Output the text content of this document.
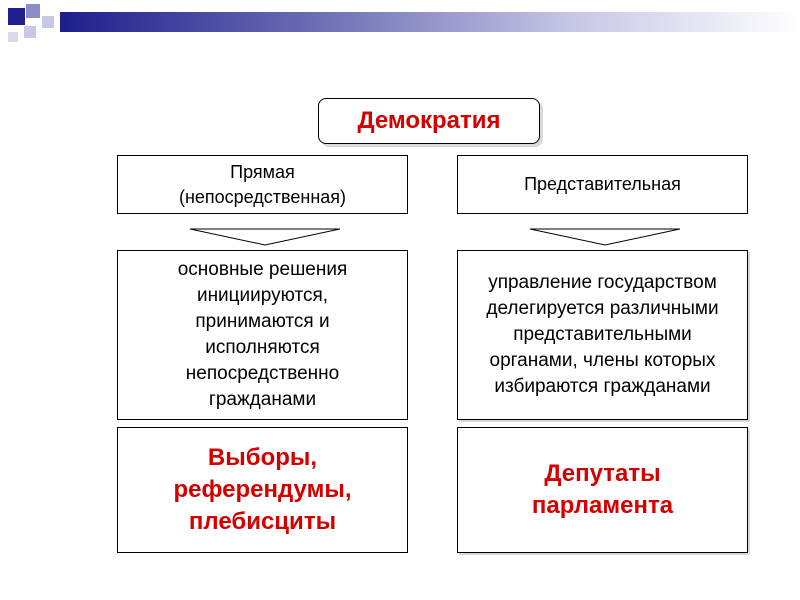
Демократия
Прямая
(непосредственная)
Представительная
основные решения
инициируются,
принимаются и
исполняются
непосредственно
гражданами
управление государством
делегируется различными
представительными
органами, члены которых
избираются гражданами
Выборы,
референдумы,
плебисциты
Депутаты
парламента
